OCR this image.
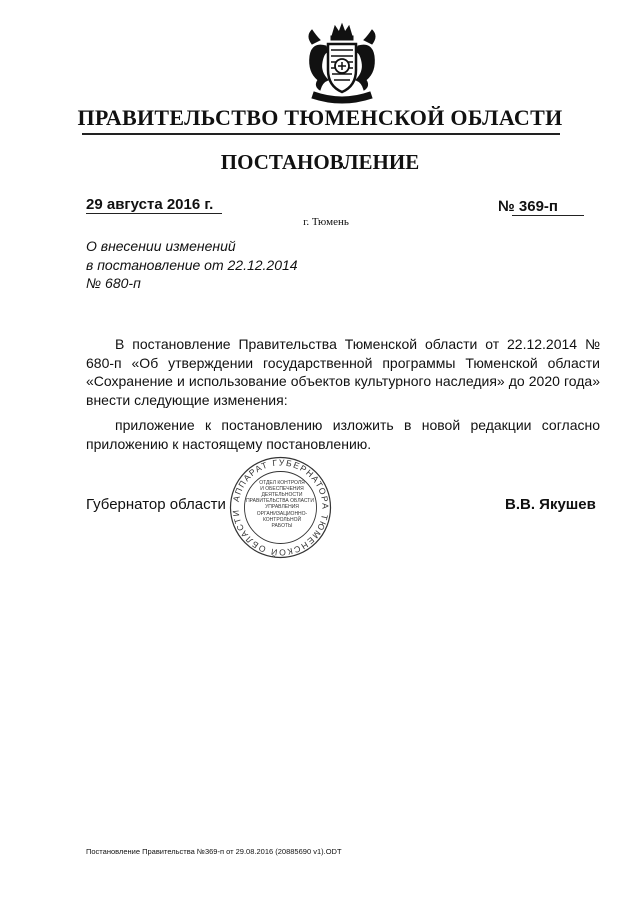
ПРАВИТЕЛЬСТВО ТЮМЕНСКОЙ ОБЛАСТИ
ПОСТАНОВЛЕНИЕ
29 августа 2016 г.	№ 369-п
г. Тюмень
О внесении изменений
в постановление от 22.12.2014
№ 680-п

В постановление Правительства Тюменской области от 22.12.2014 № 680-п «Об утверждении государственной программы Тюменской области «Сохранение и использование объектов культурного наследия» до 2020 года» внести следующие изменения:

приложение к постановлению изложить в новой редакции согласно приложению к настоящему постановлению.

Губернатор области АППАРАТ ГУБЕРНАТОРА ТЮМЕНСКОЙ ОБЛАСТИ
ОТДЕЛ КОНТРОЛЯ
И ОБЕСПЕЧЕНИЯ
ДЕЯТЕЛЬНОСТИ
ПРАВИТЕЛЬСТВА ОБЛАСТИ
УПРАВЛЕНИЯ
ОРГАНИЗАЦИОННО-
КОНТРОЛЬНОЙ
РАБОТЫ
В.В. Якушев
Постановление Правительства №369-п от 29.08.2016 (20885690 v1).ODT
